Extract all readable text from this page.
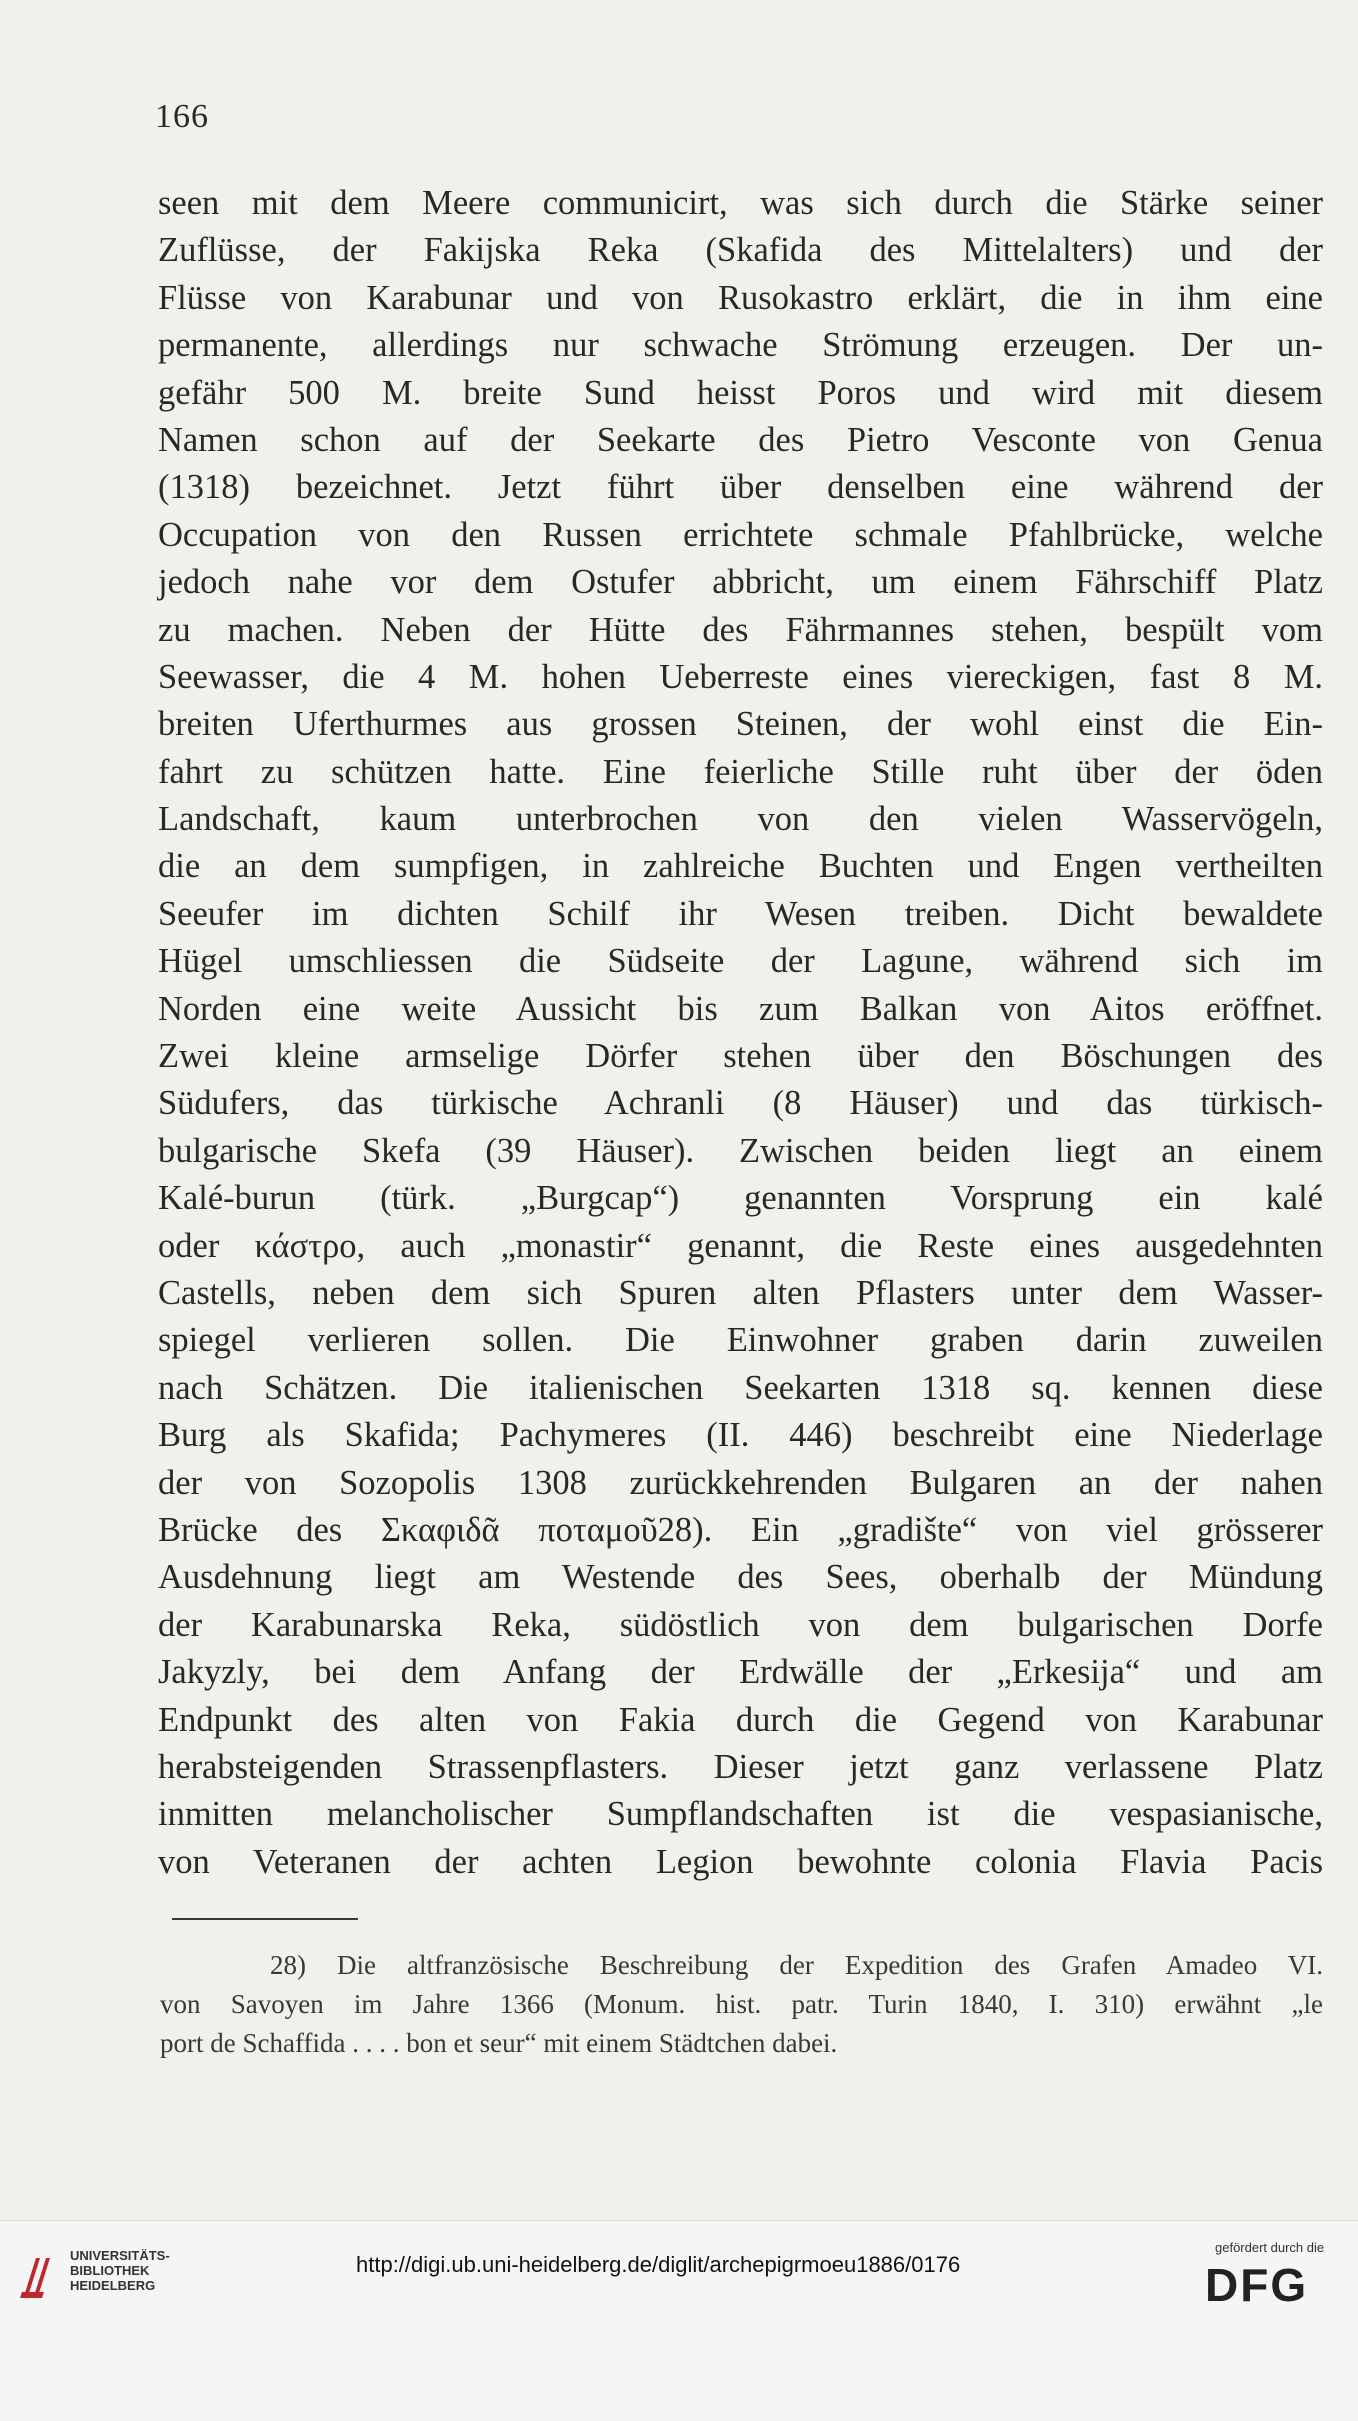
166
seen mit dem Meere communicirt, was sich durch die Stärke seiner
Zuflüsse, der Fakijska Reka (Skafida des Mittelalters) und der
Flüsse von Karabunar und von Rusokastro erklärt, die in ihm eine
permanente, allerdings nur schwache Strömung erzeugen. Der un-
gefähr 500 M. breite Sund heisst Poros und wird mit diesem
Namen schon auf der Seekarte des Pietro Vesconte von Genua
(1318) bezeichnet. Jetzt führt über denselben eine während der
Occupation von den Russen errichtete schmale Pfahlbrücke, welche
jedoch nahe vor dem Ostufer abbricht, um einem Fährschiff Platz
zu machen. Neben der Hütte des Fährmannes stehen, bespült vom
Seewasser, die 4 M. hohen Ueberreste eines viereckigen, fast 8 M.
breiten Uferthurmes aus grossen Steinen, der wohl einst die Ein-
fahrt zu schützen hatte. Eine feierliche Stille ruht über der öden
Landschaft, kaum unterbrochen von den vielen Wasservögeln,
die an dem sumpfigen, in zahlreiche Buchten und Engen vertheilten
Seeufer im dichten Schilf ihr Wesen treiben. Dicht bewaldete
Hügel umschliessen die Südseite der Lagune, während sich im
Norden eine weite Aussicht bis zum Balkan von Aitos eröffnet.
Zwei kleine armselige Dörfer stehen über den Böschungen des
Südufers, das türkische Achranli (8 Häuser) und das türkisch-
bulgarische Skefa (39 Häuser). Zwischen beiden liegt an einem
Kalé-burun (türk. „Burgcap“) genannten Vorsprung ein kalé
oder κάστρο, auch „monastir“ genannt, die Reste eines ausgedehnten
Castells, neben dem sich Spuren alten Pflasters unter dem Wasser-
spiegel verlieren sollen. Die Einwohner graben darin zuweilen
nach Schätzen. Die italienischen Seekarten 1318 sq. kennen diese
Burg als Skafida; Pachymeres (II. 446) beschreibt eine Niederlage
der von Sozopolis 1308 zurückkehrenden Bulgaren an der nahen
Brücke des Σκαφιδᾶ ποταμοῦ28). Ein „gradište“ von viel grösserer
Ausdehnung liegt am Westende des Sees, oberhalb der Mündung
der Karabunarska Reka, südöstlich von dem bulgarischen Dorfe
Jakyzly, bei dem Anfang der Erdwälle der „Erkesija“ und am
Endpunkt des alten von Fakia durch die Gegend von Karabunar
herabsteigenden Strassenpflasters. Dieser jetzt ganz verlassene Platz
inmitten melancholischer Sumpflandschaften ist die vespasianische,
von Veteranen der achten Legion bewohnte colonia Flavia Pacis
28) Die altfranzösische Beschreibung der Expedition des Grafen Amadeo VI.
von Savoyen im Jahre 1366 (Monum. hist. patr. Turin 1840, I. 310) erwähnt „le
port de Schaffida . . . . bon et seur“ mit einem Städtchen dabei.
UNIVERSITÄTS-
BIBLIOTHEK
HEIDELBERG
http://digi.ub.uni-heidelberg.de/diglit/archepigrmoeu1886/0176
gefördert durch die
DFG
